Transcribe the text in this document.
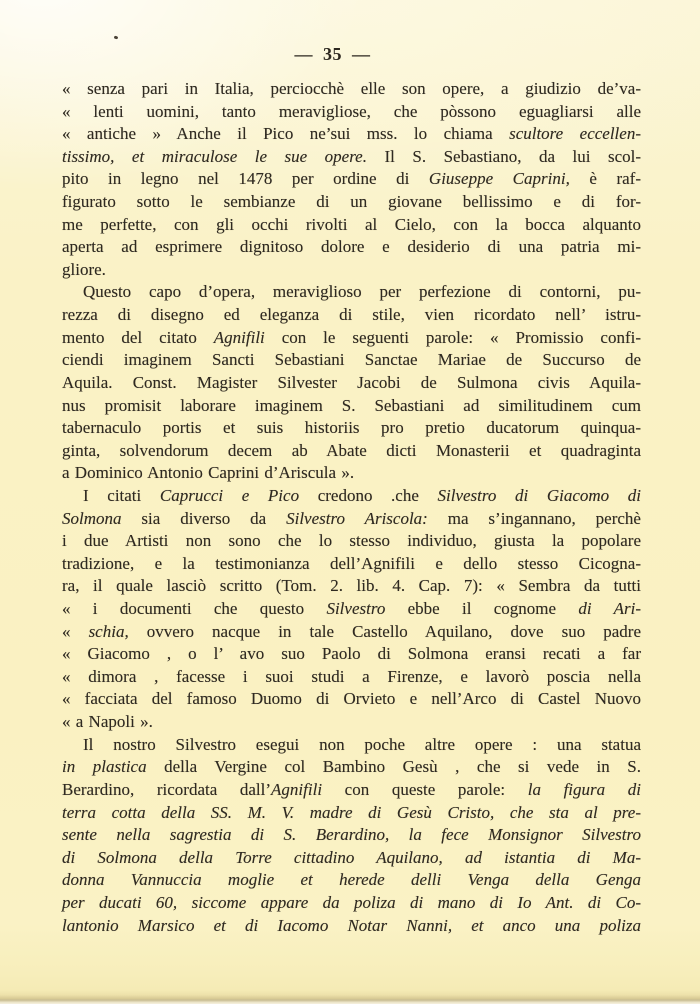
— 35 —
« senza pari in Italia, perciocchè elle son opere, a giudizio de’va-
« lenti uomini, tanto meravigliose, che pòssono eguagliarsi alle
« antiche » Anche il Pico ne’sui mss. lo chiama scultore eccellen-
tissimo, et miraculose le sue opere. Il S. Sebastiano, da lui scol-
pito in legno nel 1478 per ordine di Giuseppe Caprini, è raf-
figurato sotto le sembianze di un giovane bellissimo e di for-
me perfette, con gli occhi rivolti al Cielo, con la bocca alquanto
aperta ad esprimere dignitoso dolore e desiderio di una patria mi-
gliore.
Questo capo d’opera, meraviglioso per perfezione di contorni, pu-
rezza di disegno ed eleganza di stile, vien ricordato nell’ istru-
mento del citato Agnifili con le seguenti parole: « Promissio confi-
ciendi imaginem Sancti Sebastiani Sanctae Mariae de Succurso de
Aquila. Const. Magister Silvester Jacobi de Sulmona civis Aquila-
nus promisit laborare imaginem S. Sebastiani ad similitudinem cum
tabernaculo portis et suis historiis pro pretio ducatorum quinqua-
ginta, solvendorum decem ab Abate dicti Monasterii et quadraginta
a Dominico Antonio Caprini d’Ariscula ».
I citati Caprucci e Pico credono .che Silvestro di Giacomo di
Solmona sia diverso da Silvestro Ariscola: ma s’ingannano, perchè
i due Artisti non sono che lo stesso individuo, giusta la popolare
tradizione, e la testimonianza dell’Agnifili e dello stesso Cicogna-
ra, il quale lasciò scritto (Tom. 2. lib. 4. Cap. 7): « Sembra da tutti
« i documenti che questo Silvestro ebbe il cognome di Ari-
« schia, ovvero nacque in tale Castello Aquilano, dove suo padre
« Giacomo , o l’ avo suo Paolo di Solmona eransi recati a far
« dimora , facesse i suoi studi a Firenze, e lavorò poscia nella
« facciata del famoso Duomo di Orvieto e nell’Arco di Castel Nuovo
« a Napoli ».
Il nostro Silvestro esegui non poche altre opere : una statua
in plastica della Vergine col Bambino Gesù , che si vede in S.
Berardino, ricordata dall’Agnifili con queste parole: la figura di
terra cotta della SS. M. V. madre di Gesù Cristo, che sta al pre-
sente nella sagrestia di S. Berardino, la fece Monsignor Silvestro
di Solmona della Torre cittadino Aquilano, ad istantia di Ma-
donna Vannuccia moglie et herede delli Venga della Genga
per ducati 60, siccome appare da poliza di mano di Io Ant. di Co-
lantonio Marsico et di Iacomo Notar Nanni, et anco una poliza
